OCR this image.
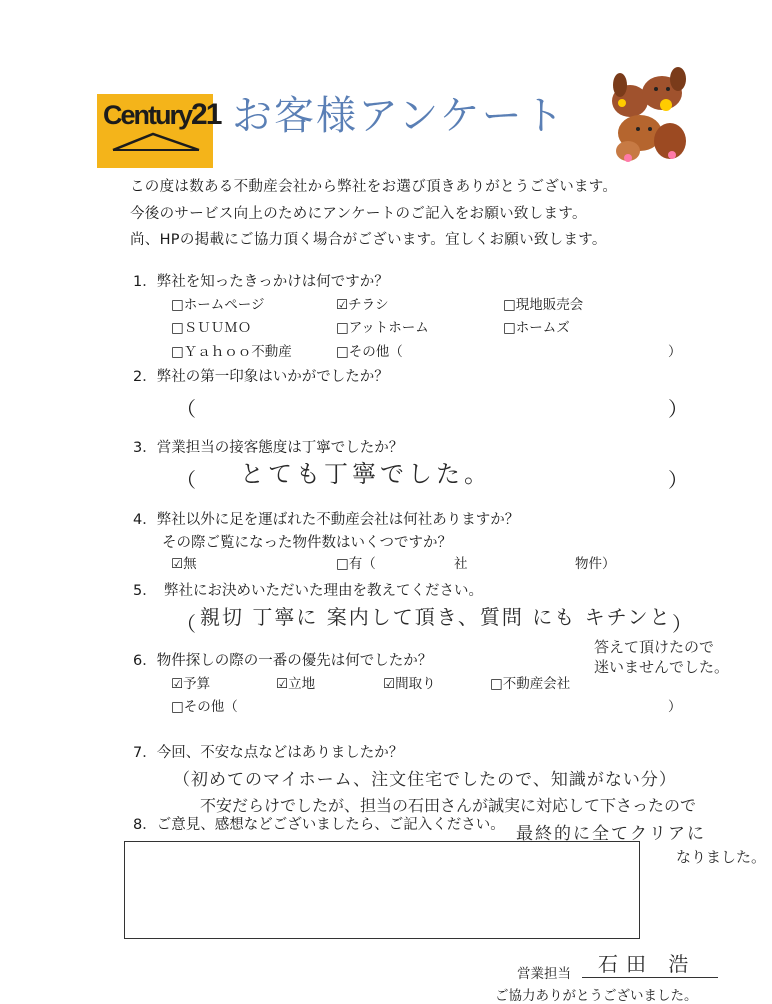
Century21 お客様アンケート
この度は数ある不動産会社から弊社をお選び頂きありがとうございます。
今後のサービス向上のためにアンケートのご記入をお願い致します。
尚、HPの掲載にご協力頂く場合がございます。宜しくお願い致します。
1．弊社を知ったきっかけは何ですか？
□ホームページ	☑チラシ	□現地販売会
□ＳＵＵＭＯ	□アットホーム	□ホームズ
□Ｙａｈｏｏ不動産	□その他（	）
2．弊社の第一印象はいかがでしたか？
（	）
3．営業担当の接客態度は丁寧でしたか？
（ とても丁寧でした。	）
4．弊社以外に足を運ばれた不動産会社は何社ありますか？
その際ご覧になった物件数はいくつですか？
☑無	□有（	社	物件）
5．　弊社にお決めいただいた理由を教えてください。
（ 親切 丁寧に 案内して頂き、質問 にも キチンと ）
答えて頂けたので
迷いませんでした。
6．物件探しの際の一番の優先は何でしたか？
☑予算	☑立地	☑間取り	□不動産会社
□その他（	）
7．今回、不安な点などはありましたか？
（初めてのマイホーム、注文住宅でしたので、知識がない分）
不安だらけでしたが、担当の石田さんが誠実に対応して下さったので
8．ご意見、感想などございましたら、ご記入ください。 最終的に全てクリアに
なりました。
営業担当 石田 浩
ご協力ありがとうございました。
